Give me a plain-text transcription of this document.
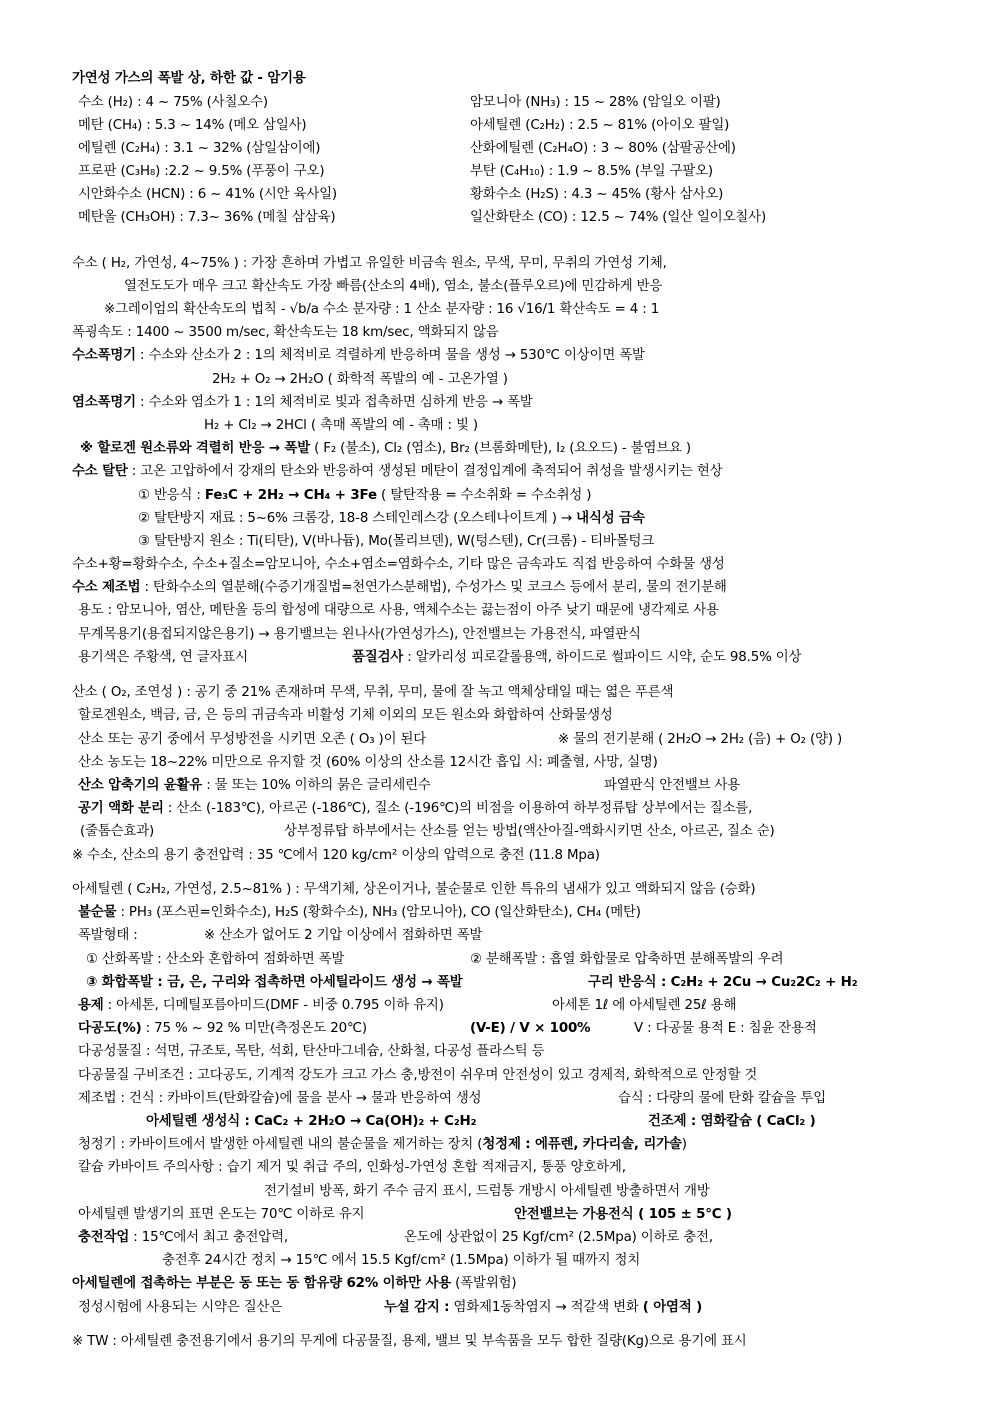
가연성 가스의 폭발 상, 하한 값 - 암기용
수소 (H₂) : 4 ~ 75% (사칠오수)	암모니아 (NH₃) : 15 ~ 28% (암일오 이팔)
메탄 (CH₄) : 5.3 ~ 14% (메오 삼일사)	아세틸렌 (C₂H₂) : 2.5 ~ 81% (아이오 팔일)
에틸렌 (C₂H₄) : 3.1 ~ 32% (삼일삼이에)	산화에틸렌 (C₂H₄O) : 3 ~ 80% (삼팔공산에)
프로판 (C₃H₈) :2.2 ~ 9.5% (푸풍이 구오)	부탄 (C₄H₁₀) : 1.9 ~ 8.5% (부일 구팔오)
시안화수소 (HCN) : 6 ~ 41% (시안 육사일)	황화수소 (H₂S) : 4.3 ~ 45% (황사 삼사오)
메탄올 (CH₃OH) : 7.3~ 36% (메칠 삼삼육)	일산화탄소 (CO) : 12.5 ~ 74% (일산 일이오칠사)
수소 ( H₂, 가연성, 4~75% ) : 가장 흔하며 가볍고 유일한 비금속 원소, 무색, 무미, 무취의 가연성 기체,
열전도도가 매우 크고 확산속도 가장 빠름(산소의 4배), 염소, 불소(플루오르)에 민감하게 반응
※그레이엄의 확산속도의 법칙 - √b/a 수소 분자량 : 1 산소 분자량 : 16 √16/1 확산속도 = 4 : 1
폭굉속도 : 1400 ~ 3500 m/sec, 확산속도는 18 km/sec, 액화되지 않음
수소폭명기 : 수소와 산소가 2 : 1의 체적비로 격렬하게 반응하며 물을 생성 → 530℃ 이상이면 폭발
2H₂ + O₂ → 2H₂O ( 화학적 폭발의 예 - 고온가열 )
염소폭명기 : 수소와 염소가 1 : 1의 체적비로 빛과 접촉하면 심하게 반응 → 폭발
H₂ + Cl₂ → 2HCl ( 촉매 폭발의 예 - 촉매 : 빛 )
※ 할로겐 원소류와 격렬히 반응 → 폭발 ( F₂ (불소), Cl₂ (염소), Br₂ (브롬화메탄), I₂ (요오드) - 불염브요 )
수소 탈탄 : 고온 고압하에서 강재의 탄소와 반응하여 생성된 메탄이 결정입계에 축적되어 취성을 발생시키는 현상
① 반응식 : Fe₃C + 2H₂ → CH₄ + 3Fe ( 탈탄작용 = 수소취화 = 수소취성 )
② 탈탄방지 재료 : 5~6% 크롬강, 18-8 스테인레스강 (오스테나이트계 ) → 내식성 금속
③ 탈탄방지 원소 : Ti(티탄), V(바나듐), Mo(몰리브덴), W(텅스텐), Cr(크롬) - 티바몰텅크
수소+황=황화수소, 수소+질소=암모니아, 수소+염소=염화수소, 기타 많은 금속과도 직접 반응하여 수화물 생성
수소 제조법 : 탄화수소의 열분해(수증기개질법=천연가스분해법), 수성가스 및 코크스 등에서 분리, 물의 전기분해
용도 : 암모니아, 염산, 메탄올 등의 합성에 대량으로 사용, 액체수소는 끓는점이 아주 낮기 때문에 냉각제로 사용
무계목용기(용접되지않은용기) → 용기밸브는 왼나사(가연성가스), 안전밸브는 가용전식, 파열판식
용기색은 주황색, 연 글자표시	품질검사 : 알카리성 피로갈롤용액, 하이드로 썰파이드 시약, 순도 98.5% 이상
산소 ( O₂, 조연성 ) : 공기 중 21% 존재하며 무색, 무취, 무미, 물에 잘 녹고 액체상태일 때는 엷은 푸른색
할로겐원소, 백금, 금, 은 등의 귀금속과 비활성 기체 이외의 모든 원소와 화합하여 산화물생성
산소 또는 공기 중에서 무성방전을 시키면 오존 ( O₃ )이 된다	※ 물의 전기분해 ( 2H₂O → 2H₂ (음) + O₂ (양) )
산소 농도는 18~22% 미만으로 유지할 것 (60% 이상의 산소를 12시간 흡입 시: 폐출혈, 사망, 실명)
산소 압축기의 윤활유 : 물 또는 10% 이하의 묽은 글리세린수	파열판식 안전밸브 사용
공기 액화 분리 : 산소 (-183℃), 아르곤 (-186℃), 질소 (-196℃)의 비점을 이용하여 하부정류탑 상부에서는 질소를,
(줄톰슨효과)	상부정류탑 하부에서는 산소를 얻는 방법(액산아질-액화시키면 산소, 아르곤, 질소 순)
※ 수소, 산소의 용기 충전압력 : 35 ℃에서 120 kg/cm² 이상의 압력으로 충전 (11.8 Mpa)
아세틸렌 ( C₂H₂, 가연성, 2.5~81% ) : 무색기체, 상온이거나, 불순물로 인한 특유의 냄새가 있고 액화되지 않음 (승화)
불순물 : PH₃ (포스핀=인화수소), H₂S (황화수소), NH₃ (암모니아), CO (일산화탄소), CH₄ (메탄)
폭발형태 :	※ 산소가 없어도 2 기압 이상에서 점화하면 폭발
① 산화폭발 : 산소와 혼합하여 점화하면 폭발	② 분해폭발 : 흡열 화합물로 압축하면 분해폭발의 우려
③ 화합폭발 : 금, 은, 구리와 접촉하면 아세틸라이드 생성 → 폭발	구리 반응식 : C₂H₂ + 2Cu → Cu₂2C₂ + H₂
용제 : 아세톤, 디메틸포름아미드(DMF - 비중 0.795 이하 유지)	아세톤 1ℓ 에 아세틸렌 25ℓ 용해
다공도(%) : 75 % ~ 92 % 미만(측정온도 20℃)	(V-E) / V × 100%	V : 다공물 용적 E : 침윤 잔용적
다공성물질 : 석면, 규조토, 목탄, 석회, 탄산마그네슘, 산화철, 다공성 플라스틱 등
다공물질 구비조건 : 고다공도, 기계적 강도가 크고 가스 충,방전이 쉬우며 안전성이 있고 경제적, 화학적으로 안정할 것
제조법 : 건식 : 카바이트(탄화칼슘)에 물을 분사 → 물과 반응하여 생성	습식 : 다량의 물에 탄화 칼슘을 투입
아세틸렌 생성식 : CaC₂ + 2H₂O → Ca(OH)₂ + C₂H₂	건조제 : 염화칼슘 ( CaCl₂ )
청정기 : 카바이트에서 발생한 아세틸렌 내의 불순물을 제거하는 장치 (청정제 : 에퓨렌, 카다리솔, 리가솔)
칼슘 카바이트 주의사항 : 습기 제거 및 취급 주의, 인화성-가연성 혼합 적재금지, 통풍 양호하게,
전기설비 방폭, 화기 주수 금지 표시, 드럼통 개방시 아세틸렌 방출하면서 개방
아세틸렌 발생기의 표면 온도는 70℃ 이하로 유지	안전밸브는 가용전식 ( 105 ± 5℃ )
충전작업 : 15℃에서 최고 충전압력,	온도에 상관없이 25 Kgf/cm² (2.5Mpa) 이하로 충전,
충전후 24시간 정치 → 15℃ 에서 15.5 Kgf/cm² (1.5Mpa) 이하가 될 때까지 정치
아세틸렌에 접촉하는 부분은 동 또는 동 함유량 62% 이하만 사용 (폭발위험)
정성시험에 사용되는 시약은 질산은	누설 감지 : 염화제1동착염지 → 적갈색 변화 ( 아염적 )
※ TW : 아세틸렌 충전용기에서 용기의 무게에 다공물질, 용제, 밸브 및 부속품을 모두 합한 질량(Kg)으로 용기에 표시
